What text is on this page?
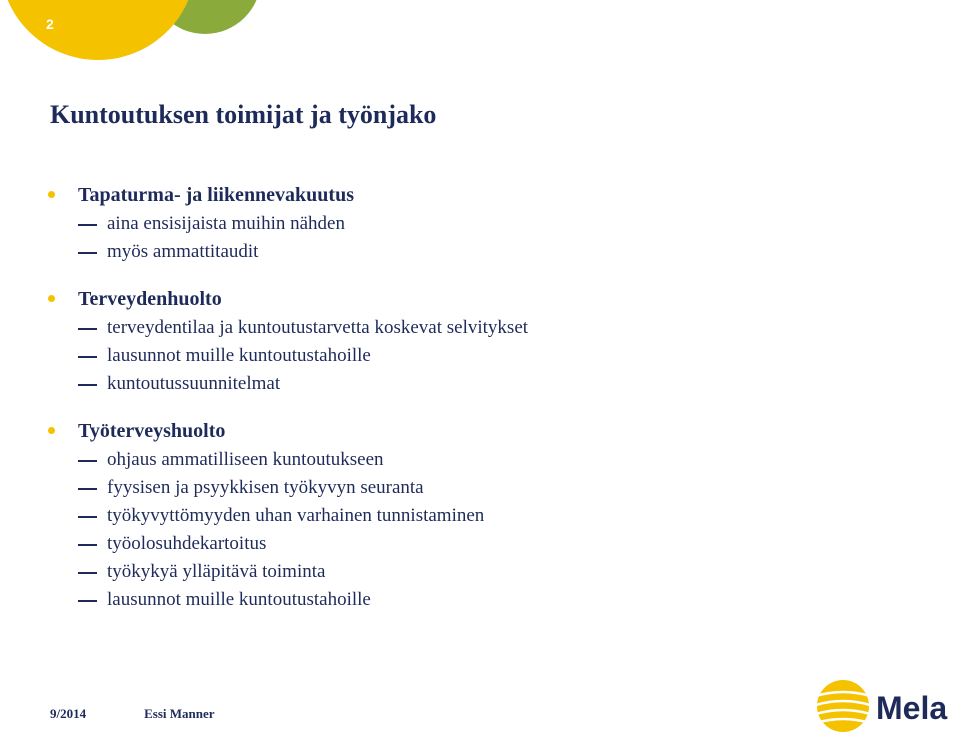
2
Kuntoutuksen toimijat ja työnjako
Tapaturma- ja liikennevakuutus
aina ensisijaista muihin nähden
myös ammattitaudit
Terveydenhuolto
terveydentilaa ja kuntoutustarvetta koskevat selvitykset
lausunnot muille kuntoutustahoille
kuntoutussuunnitelmat
Työterveyshuolto
ohjaus ammatilliseen kuntoutukseen
fyysisen ja psyykkisen työkyvyn seuranta
työkyvyttömyyden uhan varhainen tunnistaminen
työolosuhdekartoitus
työkykyä ylläpitävä toiminta
lausunnot muille kuntoutustahoille
9/2014	Essi Manner	Mela
